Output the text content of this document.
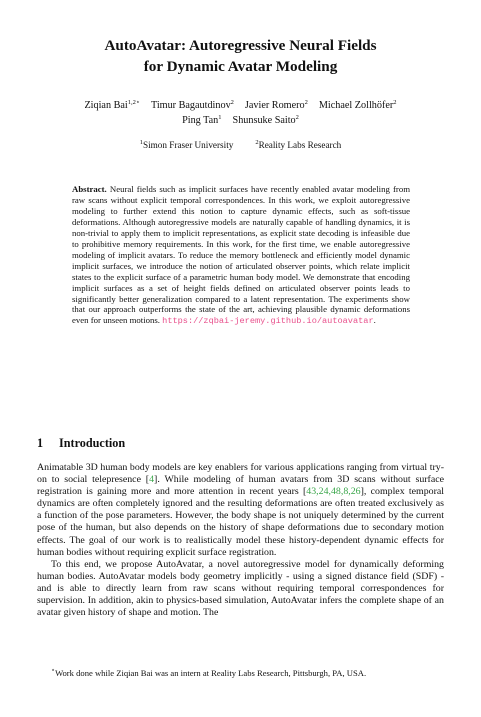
AutoAvatar: Autoregressive Neural Fields
for Dynamic Avatar Modeling
Ziqian Bai$^{1,2⋆}$ Timur Bagautdinov$^2$ Javier Romero$^2$ Michael Zollhöfer$^2$
Ping Tan$^1$ Shunsuke Saito$^2$
$^1$Simon Fraser University	$^2$Reality Labs Research
Abstract. Neural fields such as implicit surfaces have recently enabled avatar modeling from raw scans without explicit temporal correspondences. In this work, we exploit autoregressive modeling to further extend this notion to capture dynamic effects, such as soft-tissue deformations. Although autoregressive models are naturally capable of handling dynamics, it is non-trivial to apply them to implicit representations, as explicit state decoding is infeasible due to prohibitive memory requirements. In this work, for the first time, we enable autoregressive modeling of implicit avatars. To reduce the memory bottleneck and efficiently model dynamic implicit surfaces, we introduce the notion of articulated observer points, which relate implicit states to the explicit surface of a parametric human body model. We demonstrate that encoding implicit surfaces as a set of height fields defined on articulated observer points leads to significantly better generalization compared to a latent representation. The experiments show that our approach outperforms the state of the art, achieving plausible dynamic deformations even for unseen motions. https://zqbai-jeremy.github.io/autoavatar.
1 Introduction

Animatable 3D human body models are key enablers for various applications ranging from virtual try-on to social telepresence [4]. While modeling of human avatars from 3D scans without surface registration is gaining more and more attention in recent years [43,24,48,8,26], complex temporal dynamics are often completely ignored and the resulting deformations are often treated exclusively as a function of the pose parameters. However, the body shape is not uniquely determined by the current pose of the human, but also depends on the history of shape deformations due to secondary motion effects. The goal of our work is to realistically model these history-dependent dynamic effects for human bodies without requiring explicit surface registration.

To this end, we propose AutoAvatar, a novel autoregressive model for dynamically deforming human bodies. AutoAvatar models body geometry implicitly - using a signed distance field (SDF) - and is able to directly learn from raw scans without requiring temporal correspondences for supervision. In addition, akin to physics-based simulation, AutoAvatar infers the complete shape of an avatar given history of shape and motion. The

⋆Work done while Ziqian Bai was an intern at Reality Labs Research, Pittsburgh, PA, USA.
